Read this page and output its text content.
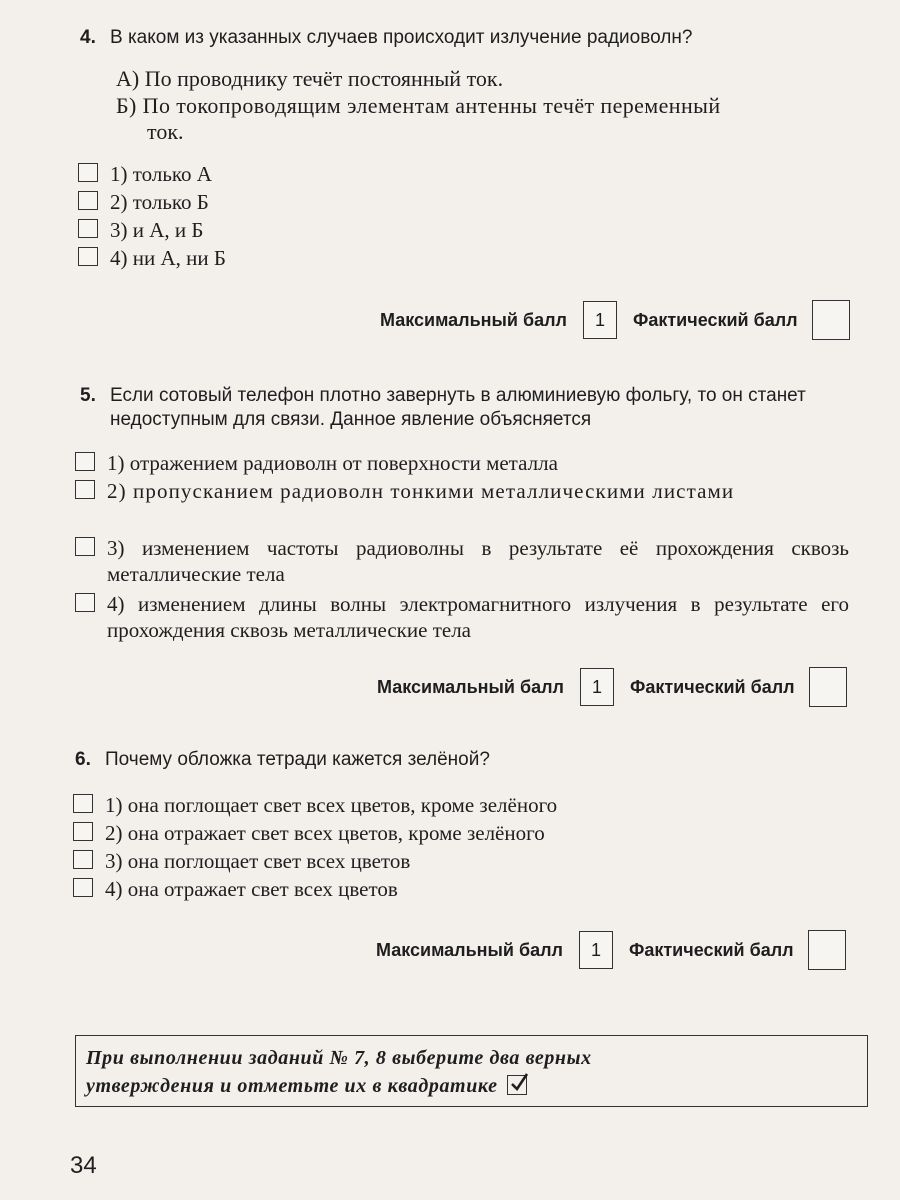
4. В каком из указанных случаев происходит излучение радиоволн?
А) По проводнику течёт постоянный ток.
Б) По токопроводящим элементам антенны течёт переменный
ток.
1) только А
2) только Б
3) и А, и Б
4) ни А, ни Б
Максимальный балл	1	Фактический балл
5. Если сотовый телефон плотно завернуть в алюминиевую фольгу, то он станет
недоступным для связи. Данное явление объясняется
1) отражением радиоволн от поверхности металла
2) пропусканием радиоволн тонкими металлическими листами
3) изменением частоты радиоволны в результате её прохождения сквозь металлические тела
4) изменением длины волны электромагнитного излучения в результате его прохождения сквозь металлические тела
Максимальный балл	1	Фактический балл
6. Почему обложка тетради кажется зелёной?
1) она поглощает свет всех цветов, кроме зелёного
2) она отражает свет всех цветов, кроме зелёного
3) она поглощает свет всех цветов
4) она отражает свет всех цветов
Максимальный балл	1	Фактический балл
При выполнении заданий № 7, 8 выберите два верных
утверждения и отметьте их в квадратике
34
